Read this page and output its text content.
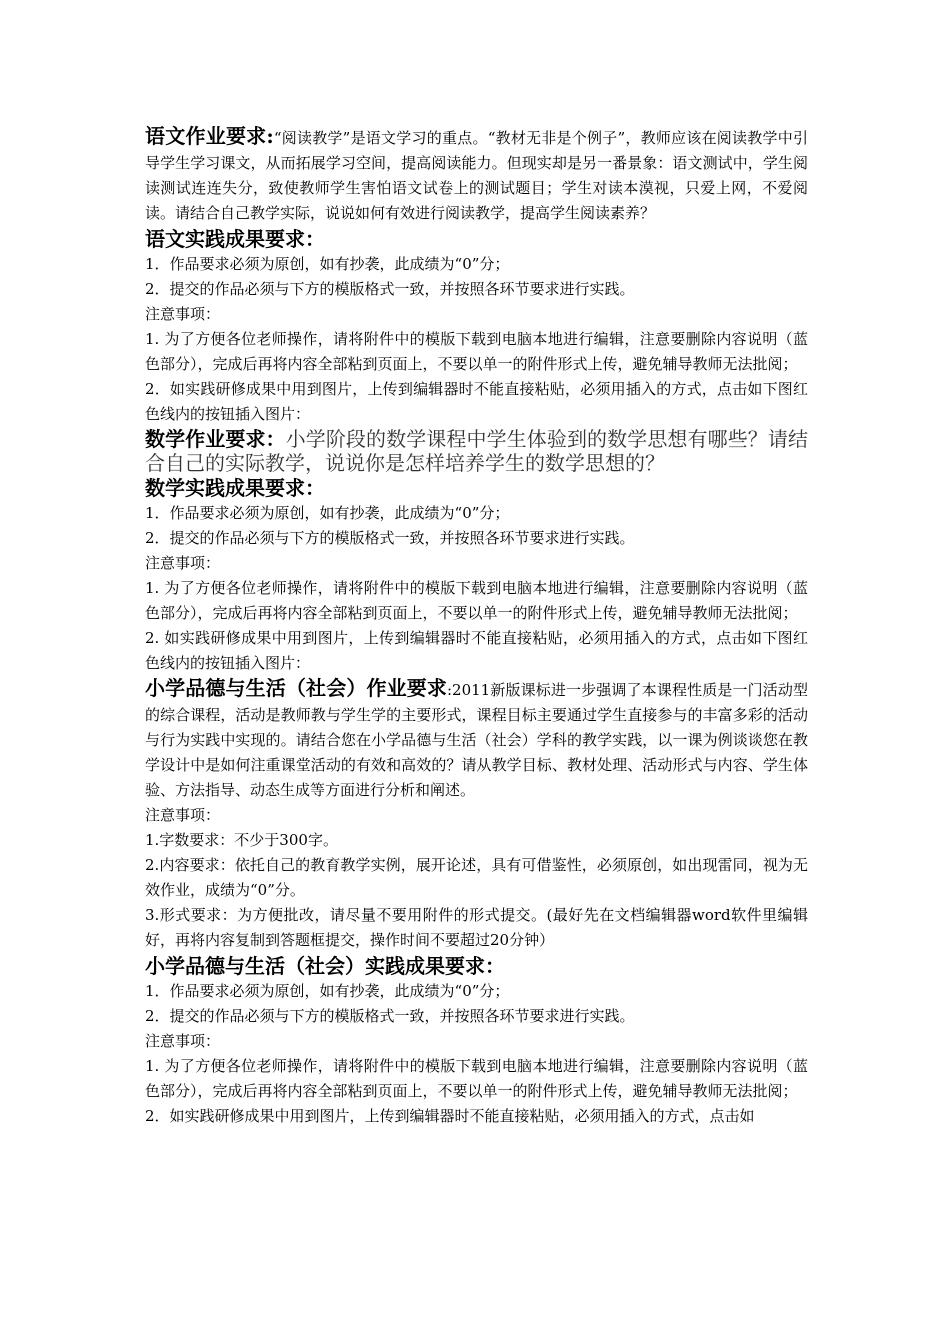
语文作业要求:“阅读教学”是语文学习的重点。“教材无非是个例子”，教师应该在阅读教学中引导学生学习课文，从而拓展学习空间，提高阅读能力。但现实却是另一番景象：语文测试中，学生阅读测试连连失分，致使教师学生害怕语文试卷上的测试题目；学生对读本漠视，只爱上网，不爱阅读。请结合自己教学实际，说说如何有效进行阅读教学，提高学生阅读素养？

语文实践成果要求：

1．作品要求必须为原创，如有抄袭，此成绩为“0”分；

2．提交的作品必须与下方的模版格式一致，并按照各环节要求进行实践。

注意事项：

1. 为了方便各位老师操作，请将附件中的模版下载到电脑本地进行编辑，注意要删除内容说明（蓝色部分），完成后再将内容全部粘到页面上，不要以单一的附件形式上传，避免辅导教师无法批阅；

2．如实践研修成果中用到图片，上传到编辑器时不能直接粘贴，必须用插入的方式，点击如下图红色线内的按钮插入图片：

数学作业要求：小学阶段的数学课程中学生体验到的数学思想有哪些？请结合自己的实际教学，说说你是怎样培养学生的数学思想的？

数学实践成果要求：

1．作品要求必须为原创，如有抄袭，此成绩为“0”分；

2．提交的作品必须与下方的模版格式一致，并按照各环节要求进行实践。

注意事项：

1. 为了方便各位老师操作，请将附件中的模版下载到电脑本地进行编辑，注意要删除内容说明（蓝色部分），完成后再将内容全部粘到页面上，不要以单一的附件形式上传，避免辅导教师无法批阅；

2. 如实践研修成果中用到图片，上传到编辑器时不能直接粘贴，必须用插入的方式，点击如下图红色线内的按钮插入图片：

小学品德与生活（社会）作业要求:2011新版课标进一步强调了本课程性质是一门活动型的综合课程，活动是教师教与学生学的主要形式，课程目标主要通过学生直接参与的丰富多彩的活动与行为实践中实现的。请结合您在小学品德与生活（社会）学科的教学实践，以一课为例谈谈您在教学设计中是如何注重课堂活动的有效和高效的？请从教学目标、教材处理、活动形式与内容、学生体验、方法指导、动态生成等方面进行分析和阐述。

注意事项：

1.字数要求：不少于300字。

2.内容要求：依托自己的教育教学实例，展开论述，具有可借鉴性，必须原创，如出现雷同，视为无效作业，成绩为“0”分。

3.形式要求：为方便批改，请尽量不要用附件的形式提交。(最好先在文档编辑器word软件里编辑好，再将内容复制到答题框提交，操作时间不要超过20分钟）

小学品德与生活（社会）实践成果要求：

1．作品要求必须为原创，如有抄袭，此成绩为“0”分；

2．提交的作品必须与下方的模版格式一致，并按照各环节要求进行实践。

注意事项：

1. 为了方便各位老师操作，请将附件中的模版下载到电脑本地进行编辑，注意要删除内容说明（蓝色部分），完成后再将内容全部粘到页面上，不要以单一的附件形式上传，避免辅导教师无法批阅；

2．如实践研修成果中用到图片，上传到编辑器时不能直接粘贴，必须用插入的方式，点击如
